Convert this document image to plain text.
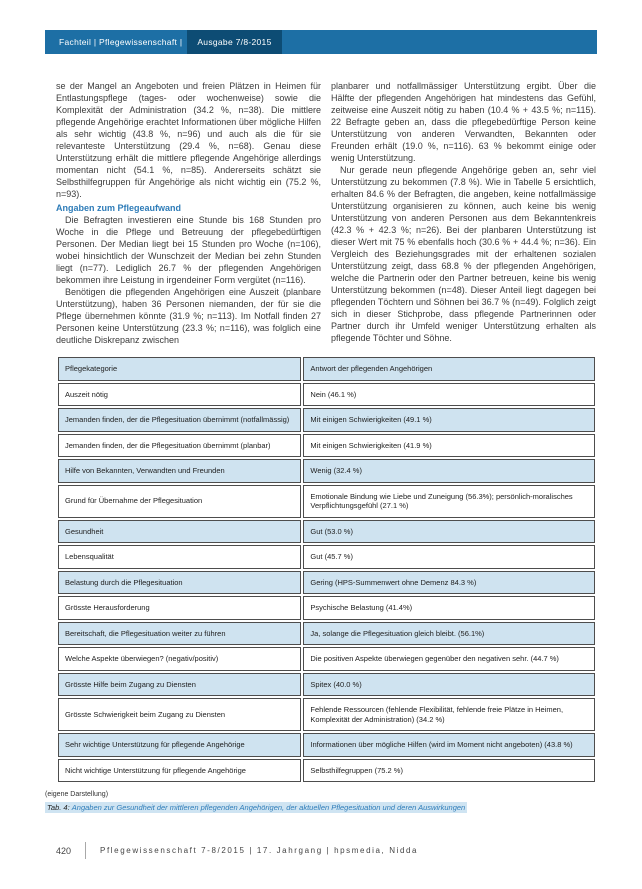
Fachteil | Pflegewissenschaft |	Ausgabe 7/8-2015

se der Mangel an Angeboten und freien Plätzen in Heimen für Entlastungspflege (tages- oder wochenweise) sowie die Komplexität der Administration (34.2 %, n=38). Die mittlere pflegende Angehörige erachtet Informationen über mögliche Hilfen als sehr wichtig (43.8 %, n=96) und auch als die für sie relevanteste Unterstützung (29.4 %, n=68). Genau diese Unterstützung erhält die mittlere pflegende Angehörige allerdings momentan nicht (54.1 %, n=85). Andererseits schätzt sie Selbsthilfegruppen für Angehörige als nicht wichtig ein (75.2 %, n=93).

Angaben zum Pflegeaufwand

Die Befragten investieren eine Stunde bis 168 Stunden pro Woche in die Pflege und Betreuung der pflegebedürftigen Personen. Der Median liegt bei 15 Stunden pro Woche (n=106), wobei hinsichtlich der Wunschzeit der Median bei zehn Stunden liegt (n=77). Lediglich 26.7 % der pflegenden Angehörigen bekommen ihre Leistung in irgendeiner Form vergütet (n=116).

Benötigen die pflegenden Angehörigen eine Auszeit (planbare Unterstützung), haben 36 Personen niemanden, der für sie die Pflege übernehmen könnte (31.9 %; n=113). Im Notfall finden 27 Personen keine Unterstützung (23.3 %; n=116), was folglich eine deutliche Diskrepanz zwischen

planbarer und notfallmässiger Unterstützung ergibt. Über die Hälfte der pflegenden Angehörigen hat mindestens das Gefühl, zeitweise eine Auszeit nötig zu haben (10.4 % + 43.5 %; n=115). 22 Befragte geben an, dass die pflegebedürftige Person keine Unterstützung von anderen Verwandten, Bekannten oder Freunden erhält (19.0 %, n=116). 63 % bekommt einige oder wenig Unterstützung.

Nur gerade neun pflegende Angehörige geben an, sehr viel Unterstützung zu bekommen (7.8 %). Wie in Tabelle 5 ersichtlich, erhalten 84.6 % der Befragten, die angeben, keine notfallmässige Unterstützung organisieren zu können, auch keine bis wenig Unterstützung von anderen Personen aus dem Bekanntenkreis (42.3 % + 42.3 %; n=26). Bei der planbaren Unterstützung ist dieser Wert mit 75 % ebenfalls hoch (30.6 % + 44.4 %; n=36). Ein Vergleich des Beziehungsgrades mit der erhaltenen sozialen Unterstützung zeigt, dass 68.8 % der pflegenden Angehörigen, welche die Partnerin oder den Partner betreuen, keine bis wenig Unterstützung bekommen (n=48). Dieser Anteil liegt dagegen bei pflegenden Töchtern und Söhnen bei 36.7 % (n=49). Folglich zeigt sich in dieser Stichprobe, dass pflegende Partnerinnen oder Partner durch ihr Umfeld weniger Unterstützung erhalten als pflegende Töchter und Söhne.

Pflegekategorie	Antwort der pflegenden Angehörigen
Auszeit nötig	Nein (46.1 %)
Jemanden finden, der die Pflegesituation übernimmt (notfallmässig)	Mit einigen Schwierigkeiten (49.1 %)
Jemanden finden, der die Pflegesituation übernimmt (planbar)	Mit einigen Schwierigkeiten (41.9 %)
Hilfe von Bekannten, Verwandten und Freunden	Wenig (32.4 %)
Grund für Übernahme der Pflegesituation	Emotionale Bindung wie Liebe und Zuneigung (56.3%); persönlich-moralisches Verpflichtungsgefühl (27.1 %)
Gesundheit	Gut (53.0 %)
Lebensqualität	Gut (45.7 %)
Belastung durch die Pflegesituation	Gering (HPS-Summenwert ohne Demenz 84.3 %)
Grösste Herausforderung	Psychische Belastung (41.4%)
Bereitschaft, die Pflegesituation weiter zu führen	Ja, solange die Pflegesituation gleich bleibt. (56.1%)
Welche Aspekte überwiegen? (negativ/positiv)	Die positiven Aspekte überwiegen gegenüber den negativen sehr. (44.7 %)
Grösste Hilfe beim Zugang zu Diensten	Spitex (40.0 %)
Grösste Schwierigkeit beim Zugang zu Diensten	Fehlende Ressourcen (fehlende Flexibilität, fehlende freie Plätze in Heimen, Komplexität der Administration) (34.2 %)
Sehr wichtige Unterstützung für pflegende Angehörige	Informationen über mögliche Hilfen (wird im Moment nicht angeboten) (43.8 %)
Nicht wichtige Unterstützung für pflegende Angehörige	Selbsthilfegruppen (75.2 %)
(eigene Darstellung)
Tab. 4: Angaben zur Gesundheit der mittleren pflegenden Angehörigen, der aktuellen Pflegesituation und deren Auswirkungen
420	Pflegewissenschaft 7-8/2015 | 17. Jahrgang | hpsmedia, Nidda
